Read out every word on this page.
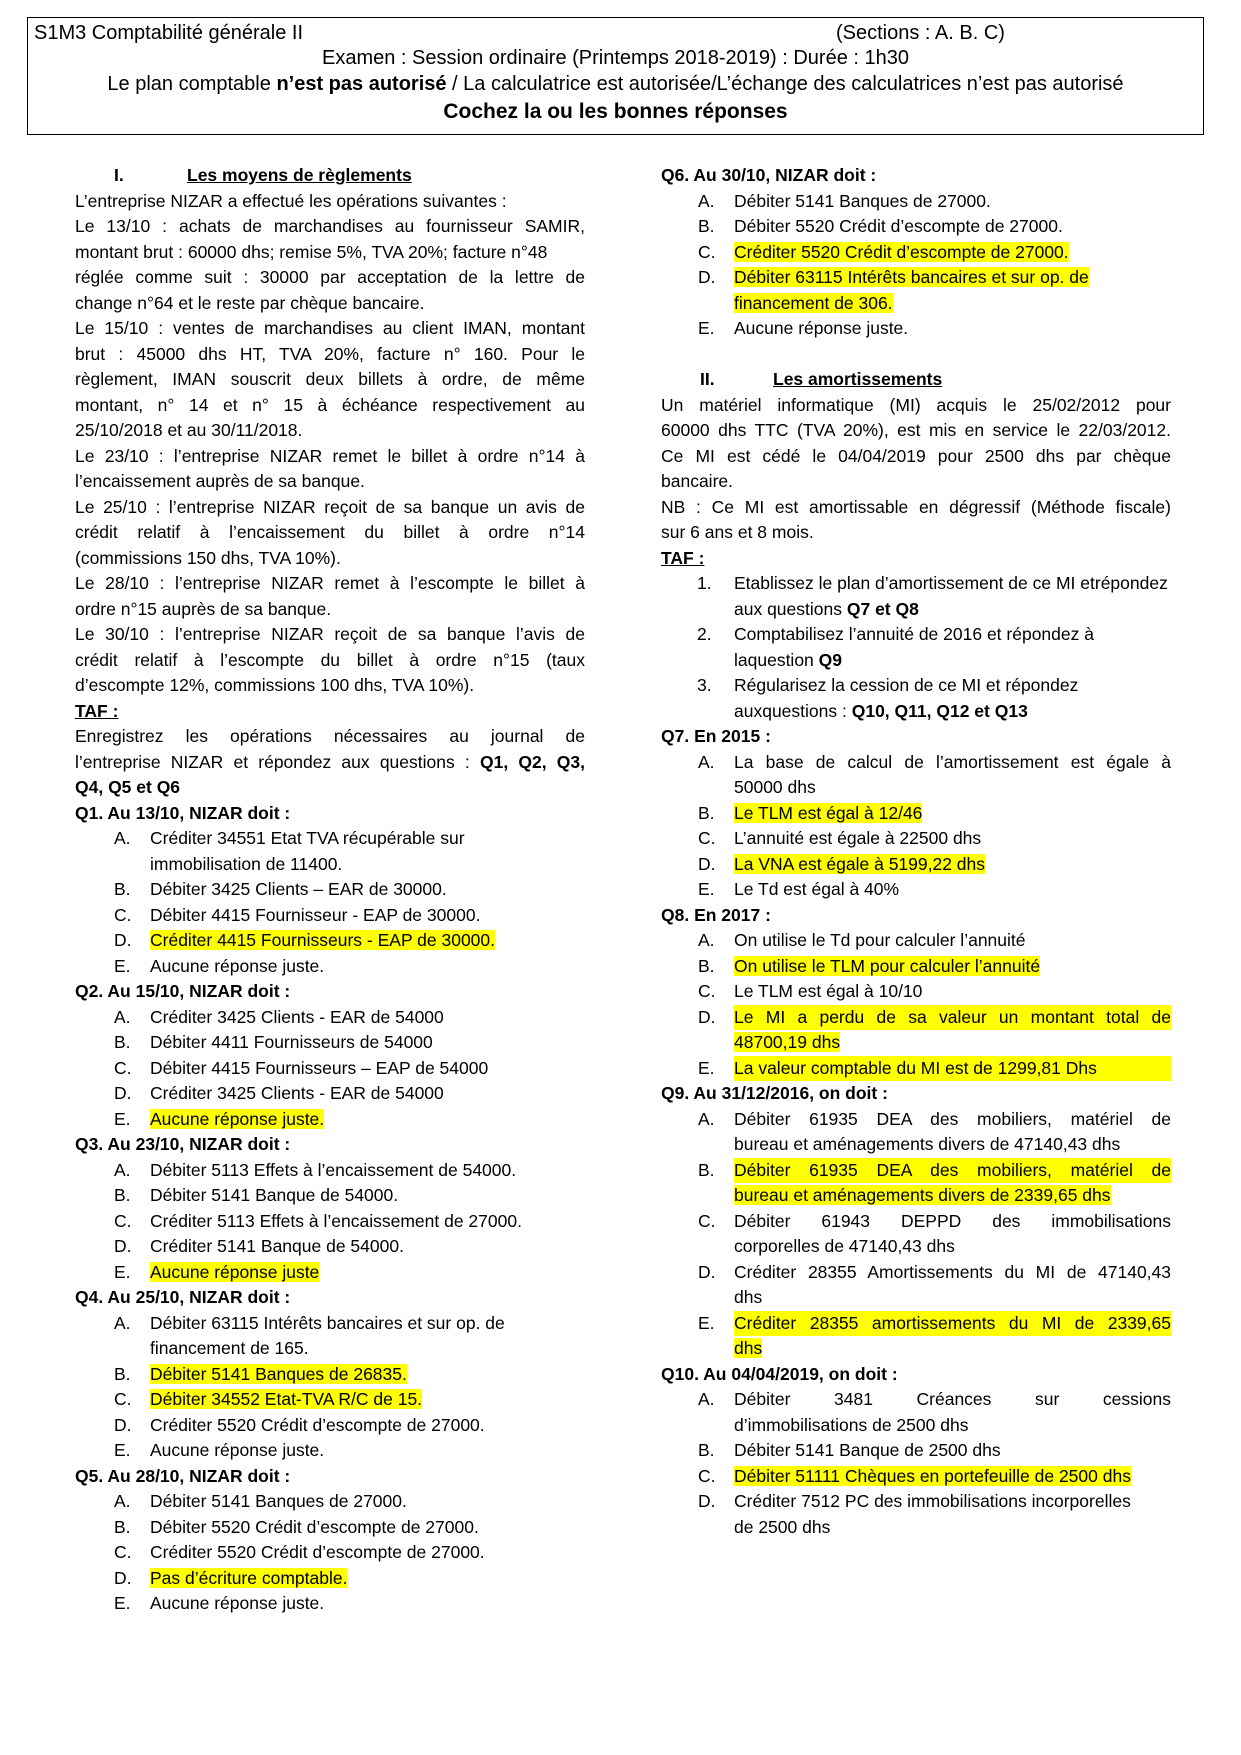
S1M3 Comptabilité générale II	(Sections : A. B. C)
Examen : Session ordinaire (Printemps 2018-2019) : Durée : 1h30
Le plan comptable n’est pas autorisé / La calculatrice est autorisée/L’échange des calculatrices n’est pas autorisé
Cochez la ou les bonnes réponses
I.	Les moyens de règlements
L’entreprise NIZAR a effectué les opérations suivantes :
Le 13/10 : achats de marchandises au fournisseur SAMIR,
montant brut : 60000 dhs; remise 5%, TVA 20%; facture n°48
réglée comme suit : 30000 par acceptation de la lettre de
change n°64 et le reste par chèque bancaire.
Le 15/10 : ventes de marchandises au client IMAN, montant
brut : 45000 dhs HT, TVA 20%, facture n° 160. Pour le
règlement, IMAN souscrit deux billets à ordre, de même
montant, n° 14 et n° 15 à échéance respectivement au
25/10/2018 et au 30/11/2018.
Le 23/10 : l’entreprise NIZAR remet le billet à ordre n°14 à
l’encaissement auprès de sa banque.
Le 25/10 : l’entreprise NIZAR reçoit de sa banque un avis de
crédit relatif à l’encaissement du billet à ordre n°14
(commissions 150 dhs, TVA 10%).
Le 28/10 : l’entreprise NIZAR remet à l’escompte le billet à
ordre n°15 auprès de sa banque.
Le 30/10 : l’entreprise NIZAR reçoit de sa banque l’avis de
crédit relatif à l’escompte du billet à ordre n°15 (taux
d’escompte 12%, commissions 100 dhs, TVA 10%).
TAF :
Enregistrez les opérations nécessaires au journal de
l’entreprise NIZAR et répondez aux questions : Q1, Q2, Q3,
Q4, Q5 et Q6
Q1. Au 13/10, NIZAR doit :
A. Créditer 34551 Etat TVA récupérable sur
immobilisation de 11400.
B. Débiter 3425 Clients – EAR de 30000.
C. Débiter 4415 Fournisseur - EAP de 30000.
D. Créditer 4415 Fournisseurs - EAP de 30000.
E. Aucune réponse juste.
Q2. Au 15/10, NIZAR doit :
A. Créditer 3425 Clients - EAR de 54000
B. Débiter 4411 Fournisseurs de 54000
C. Débiter 4415 Fournisseurs – EAP de 54000
D. Créditer 3425 Clients - EAR de 54000
E. Aucune réponse juste.
Q3. Au 23/10, NIZAR doit :
A. Débiter 5113 Effets à l’encaissement de 54000.
B. Débiter 5141 Banque de 54000.
C. Créditer 5113 Effets à l’encaissement de 27000.
D. Créditer 5141 Banque de 54000.
E. Aucune réponse juste
Q4. Au 25/10, NIZAR doit :
A. Débiter 63115 Intérêts bancaires et sur op. de
financement de 165.
B. Débiter 5141 Banques de 26835.
C. Débiter 34552 Etat-TVA R/C de 15.
D. Créditer 5520 Crédit d’escompte de 27000.
E. Aucune réponse juste.
Q5. Au 28/10, NIZAR doit :
A. Débiter 5141 Banques de 27000.
B. Débiter 5520 Crédit d’escompte de 27000.
C. Créditer 5520 Crédit d’escompte de 27000.
D. Pas d’écriture comptable.
E. Aucune réponse juste.
Q6. Au 30/10, NIZAR doit :
A. Débiter 5141 Banques de 27000.
B. Débiter 5520 Crédit d’escompte de 27000.
C. Créditer 5520 Crédit d’escompte de 27000.
D. Débiter 63115 Intérêts bancaires et sur op. de
financement de 306.
E. Aucune réponse juste.
II.	Les amortissements
Un matériel informatique (MI) acquis le 25/02/2012 pour
60000 dhs TTC (TVA 20%), est mis en service le 22/03/2012.
Ce MI est cédé le 04/04/2019 pour 2500 dhs par chèque
bancaire.
NB : Ce MI est amortissable en dégressif (Méthode fiscale)
sur 6 ans et 8 mois.
TAF :
1. Etablissez le plan d’amortissement de ce MI etrépondez aux questions Q7 et Q8
2. Comptabilisez l’annuité de 2016 et répondez à laquestion Q9
3. Régularisez la cession de ce MI et répondez auxquestions : Q10, Q11, Q12 et Q13
Q7. En 2015 :
A. La base de calcul de l’amortissement est égale à
50000 dhs
B. Le TLM est égal à 12/46
C. L’annuité est égale à 22500 dhs
D. La VNA est égale à 5199,22 dhs
E. Le Td est égal à 40%
Q8. En 2017 :
A. On utilise le Td pour calculer l’annuité
B. On utilise le TLM pour calculer l’annuité
C. Le TLM est égal à 10/10
D. Le MI a perdu de sa valeur un montant total de
48700,19 dhs
E. La valeur comptable du MI est de 1299,81 Dhs
Q9. Au 31/12/2016, on doit :
A. Débiter 61935 DEA des mobiliers, matériel de
bureau et aménagements divers de 47140,43 dhs
B. Débiter 61935 DEA des mobiliers, matériel de
bureau et aménagements divers de 2339,65 dhs
C. Débiter 61943 DEPPD des immobilisations
corporelles de 47140,43 dhs
D. Créditer 28355 Amortissements du MI de 47140,43
dhs
E. Créditer 28355 amortissements du MI de 2339,65
dhs
Q10. Au 04/04/2019, on doit :
A. Débiter 3481 Créances sur cessions
d’immobilisations de 2500 dhs
B. Débiter 5141 Banque de 2500 dhs
C. Débiter 51111 Chèques en portefeuille de 2500 dhs
D. Créditer 7512 PC des immobilisations incorporelles
de 2500 dhs
